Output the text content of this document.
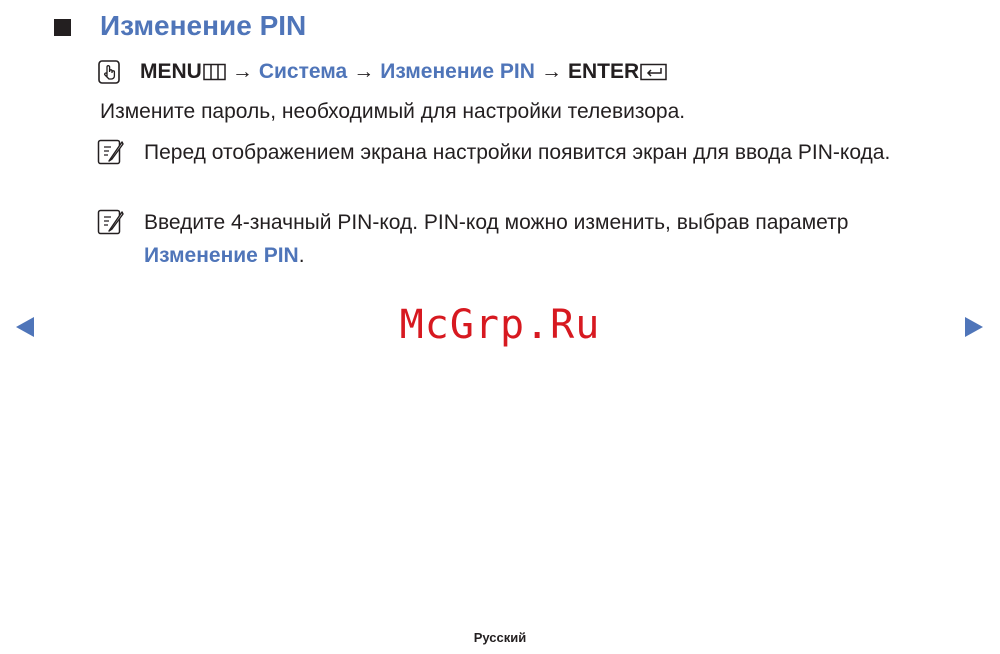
Изменение PIN
MENU → Система → Изменение PIN → ENTER
Измените пароль, необходимый для настройки телевизора.
Перед отображением экрана настройки появится экран для ввода PIN-кода.
Введите 4-значный PIN-код. PIN-код можно изменить, выбрав параметр
Изменение PIN.
McGrp.Ru
Русский
